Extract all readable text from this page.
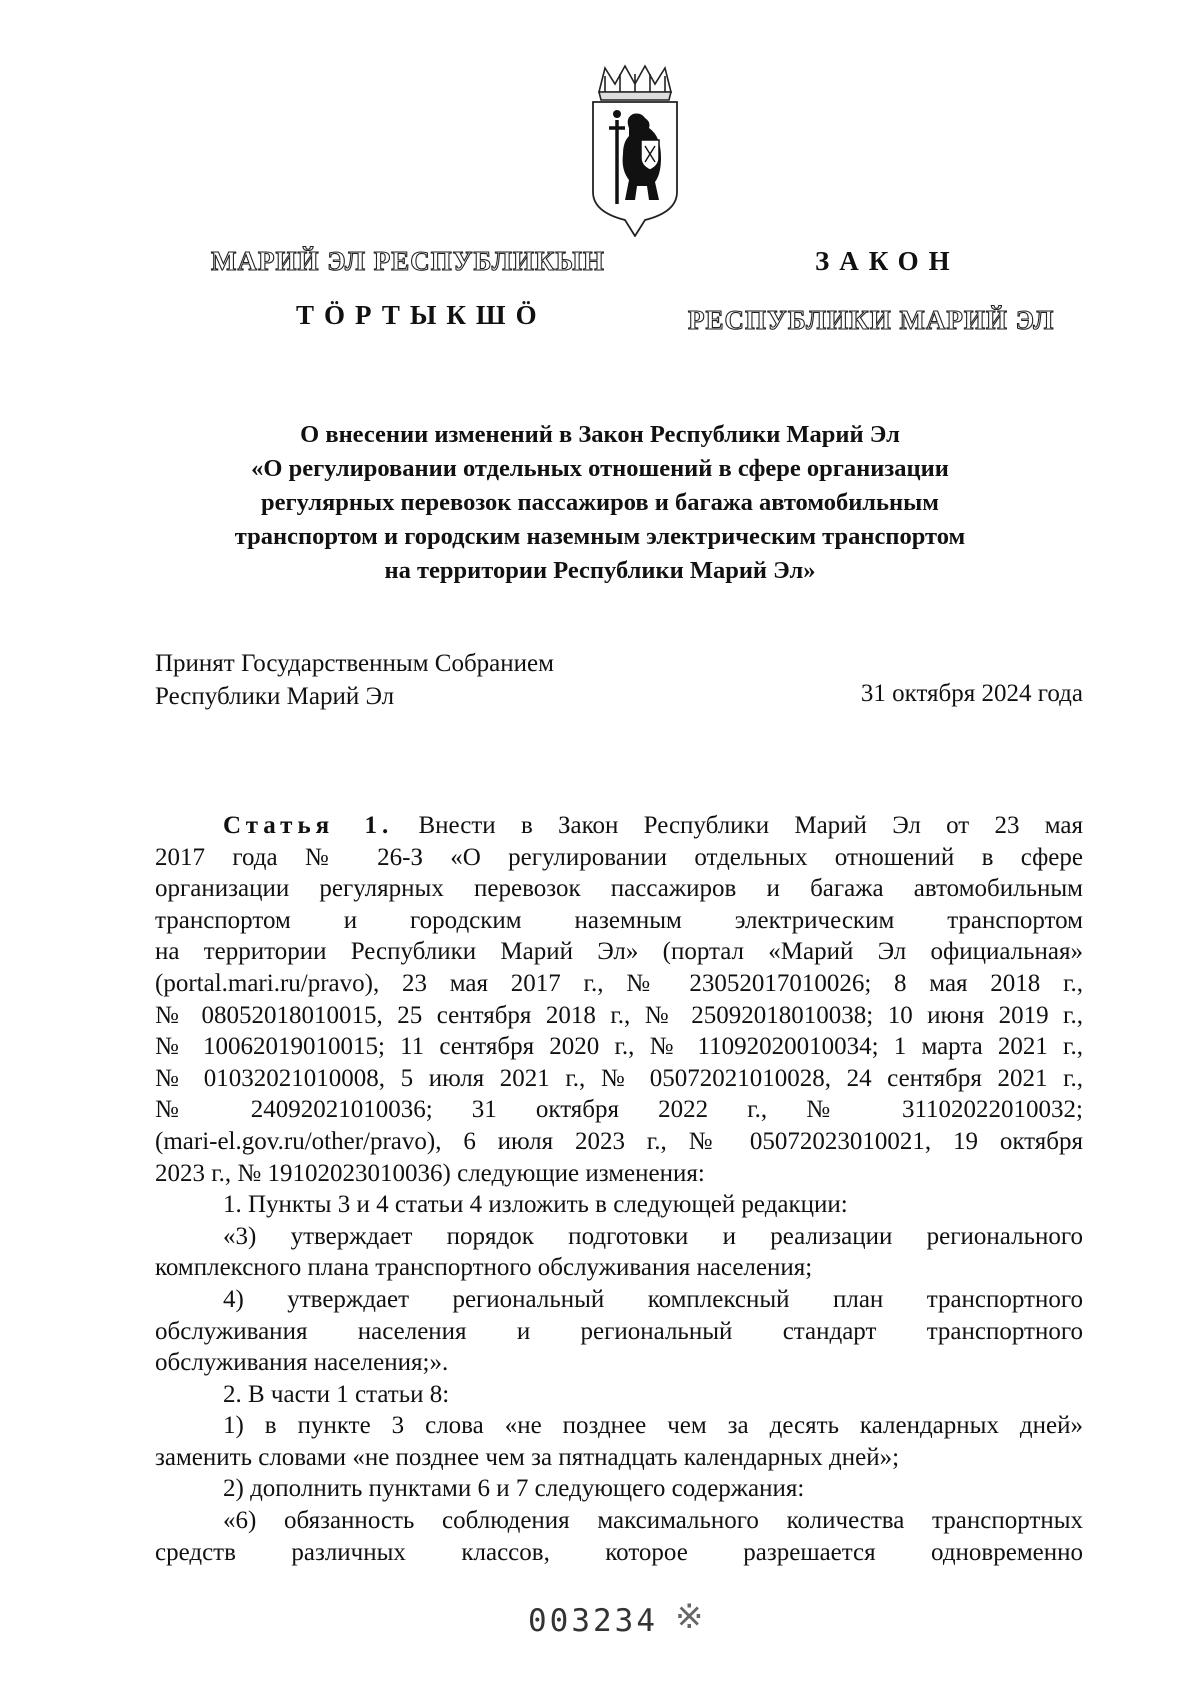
МАРИЙ ЭЛ РЕСПУБЛИКЫН	ЗАКОН
ТӦРТЫКШӦ	РЕСПУБЛИКИ МАРИЙ ЭЛ
О внесении изменений в Закон Республики Марий Эл
«О регулировании отдельных отношений в сфере организации
регулярных перевозок пассажиров и багажа автомобильным
транспортом и городским наземным электрическим транспортом
на территории Республики Марий Эл»
Принят Государственным Собранием
Республики Марий Эл	31 октября 2024 года
Статья 1. Внести в Закон Республики Марий Эл от 23 мая
2017 года № 26-З «О регулировании отдельных отношений в сфере
организации регулярных перевозок пассажиров и багажа автомобильным
транспортом и городским наземным электрическим транспортом
на территории Республики Марий Эл» (портал «Марий Эл официальная»
(portal.mari.ru/pravo), 23 мая 2017 г., № 23052017010026; 8 мая 2018 г.,
№ 08052018010015, 25 сентября 2018 г., № 25092018010038; 10 июня 2019 г.,
№ 10062019010015; 11 сентября 2020 г., № 11092020010034; 1 марта 2021 г.,
№ 01032021010008, 5 июля 2021 г., № 05072021010028, 24 сентября 2021 г.,
№ 24092021010036; 31 октября 2022 г., № 31102022010032;
(mari-el.gov.ru/other/pravo), 6 июля 2023 г., № 05072023010021, 19 октября
2023 г., № 19102023010036) следующие изменения:
1. Пункты 3 и 4 статьи 4 изложить в следующей редакции:
«3) утверждает порядок подготовки и реализации регионального
комплексного плана транспортного обслуживания населения;
4) утверждает региональный комплексный план транспортного
обслуживания населения и региональный стандарт транспортного
обслуживания населения;».
2. В части 1 статьи 8:
1) в пункте 3 слова «не позднее чем за десять календарных дней»
заменить словами «не позднее чем за пятнадцать календарных дней»;
2) дополнить пунктами 6 и 7 следующего содержания:
«6) обязанность соблюдения максимального количества транспортных
средств различных классов, которое разрешается одновременно
003234 ※
